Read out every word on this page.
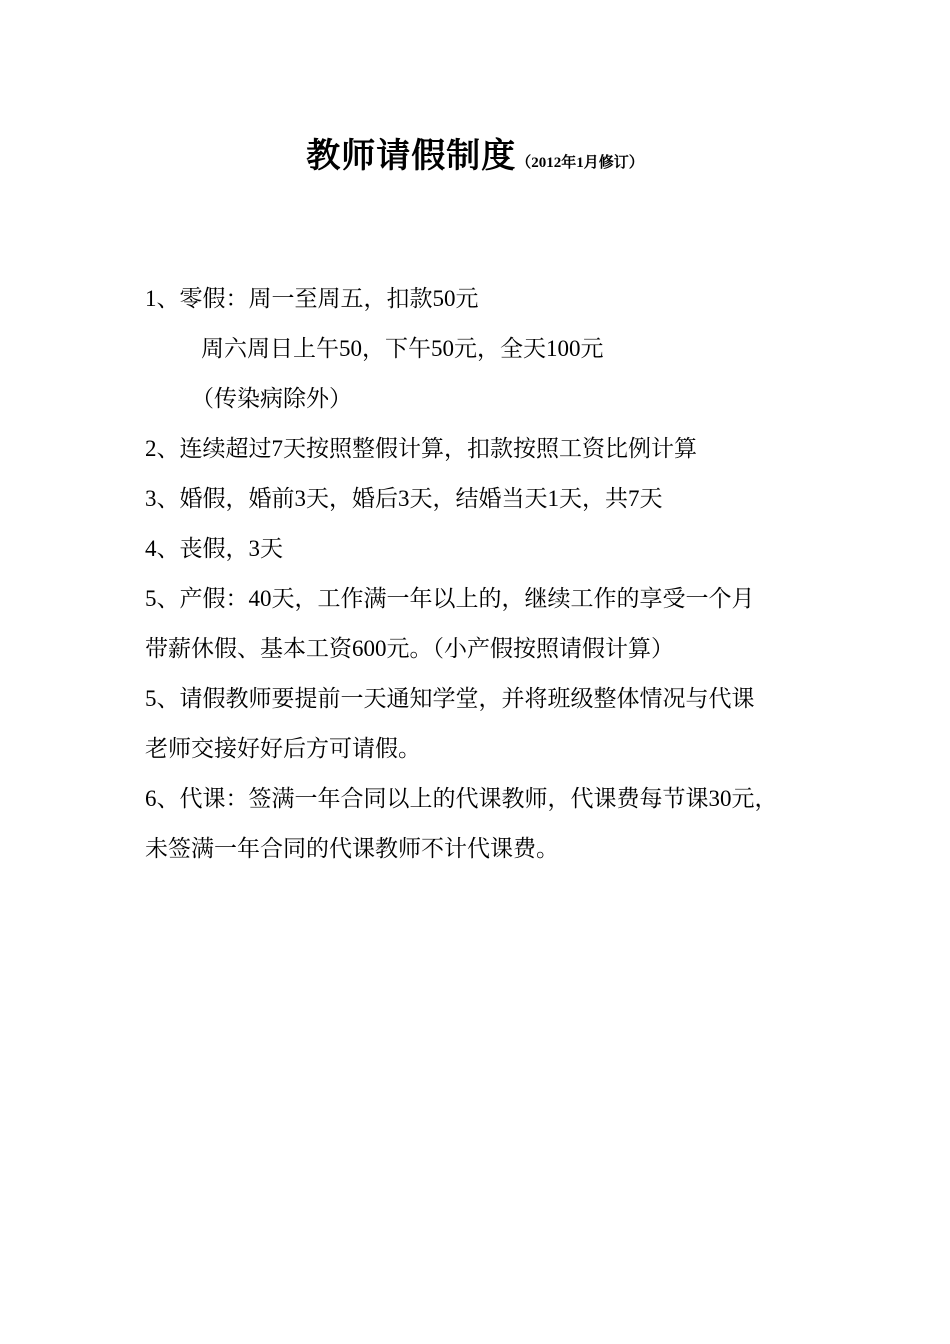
教师请假制度（2012年1月修订）
1、零假：周一至周五，扣款50元
周六周日上午50，下午50元，全天100元
（传染病除外）
2、连续超过7天按照整假计算，扣款按照工资比例计算
3、婚假，婚前3天，婚后3天，结婚当天1天，共7天
4、丧假，3天
5、产假：40天，工作满一年以上的，继续工作的享受一个月
带薪休假、基本工资600元。（小产假按照请假计算）
5、请假教师要提前一天通知学堂，并将班级整体情况与代课
老师交接好好后方可请假。
6、代课：签满一年合同以上的代课教师，代课费每节课30元，
未签满一年合同的代课教师不计代课费。
